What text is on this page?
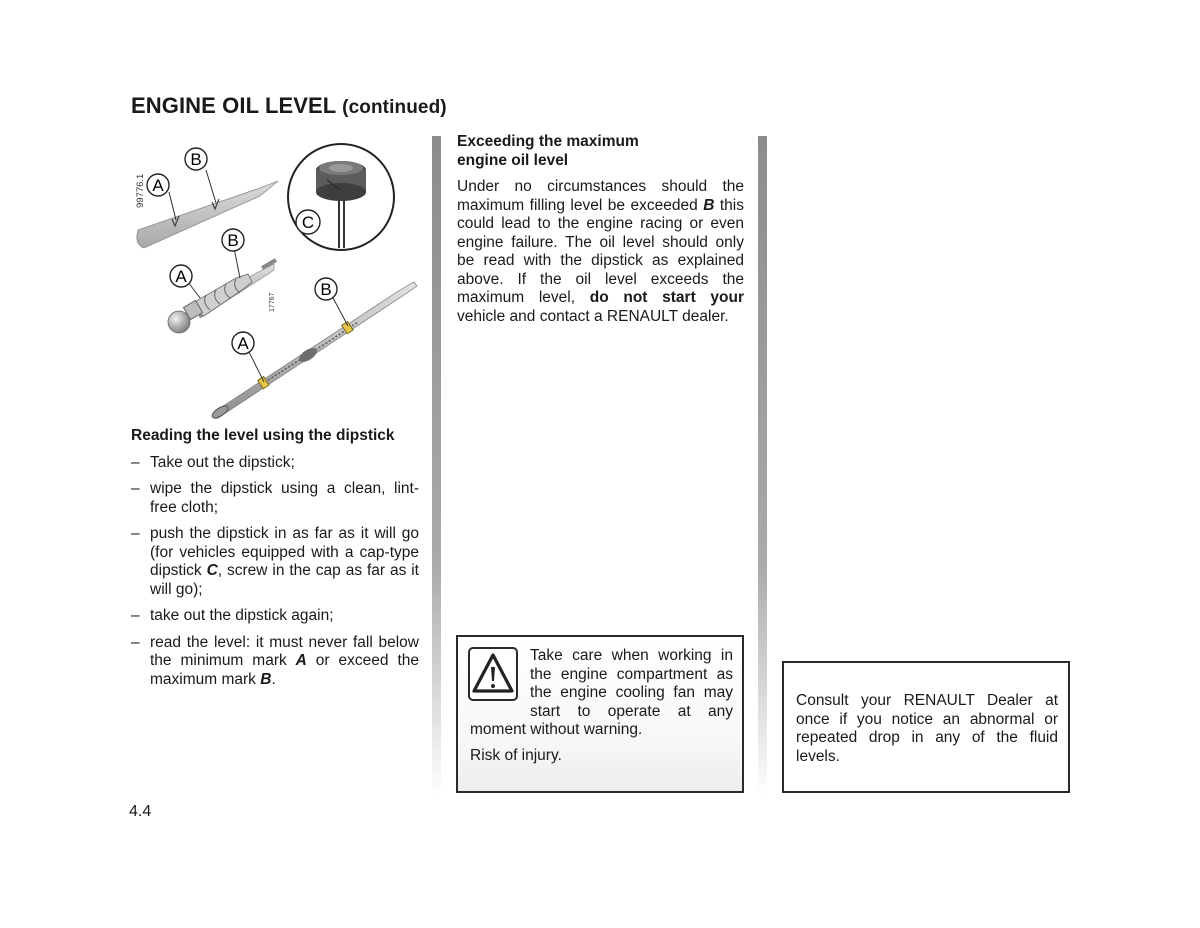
ENGINE OIL LEVEL (continued)
B
A
C
B
A
B
A
99776.1
17767

Reading the level using the dipstick

– Take out the dipstick;
– wipe the dipstick using a clean, lint-free cloth;
– push the dipstick in as far as it will go (for vehicles equipped with a cap-type dipstick C, screw in the cap as far as it will go);
– take out the dipstick again;
– read the level: it must never fall below the minimum mark A or exceed the maximum mark B.

Exceeding the maximum engine oil level

Under no circumstances should the maximum filling level be exceeded B this could lead to the engine racing or even engine failure. The oil level should only be read with the dipstick as explained above. If the oil level exceeds the maximum level, do not start your vehicle and contact a RENAULT dealer.

Take care when working in the engine compartment as the engine cooling fan may start to operate at any moment without warning.

Risk of injury.

Consult your RENAULT Dealer at once if you notice an abnormal or repeated drop in any of the fluid levels.

4.4
